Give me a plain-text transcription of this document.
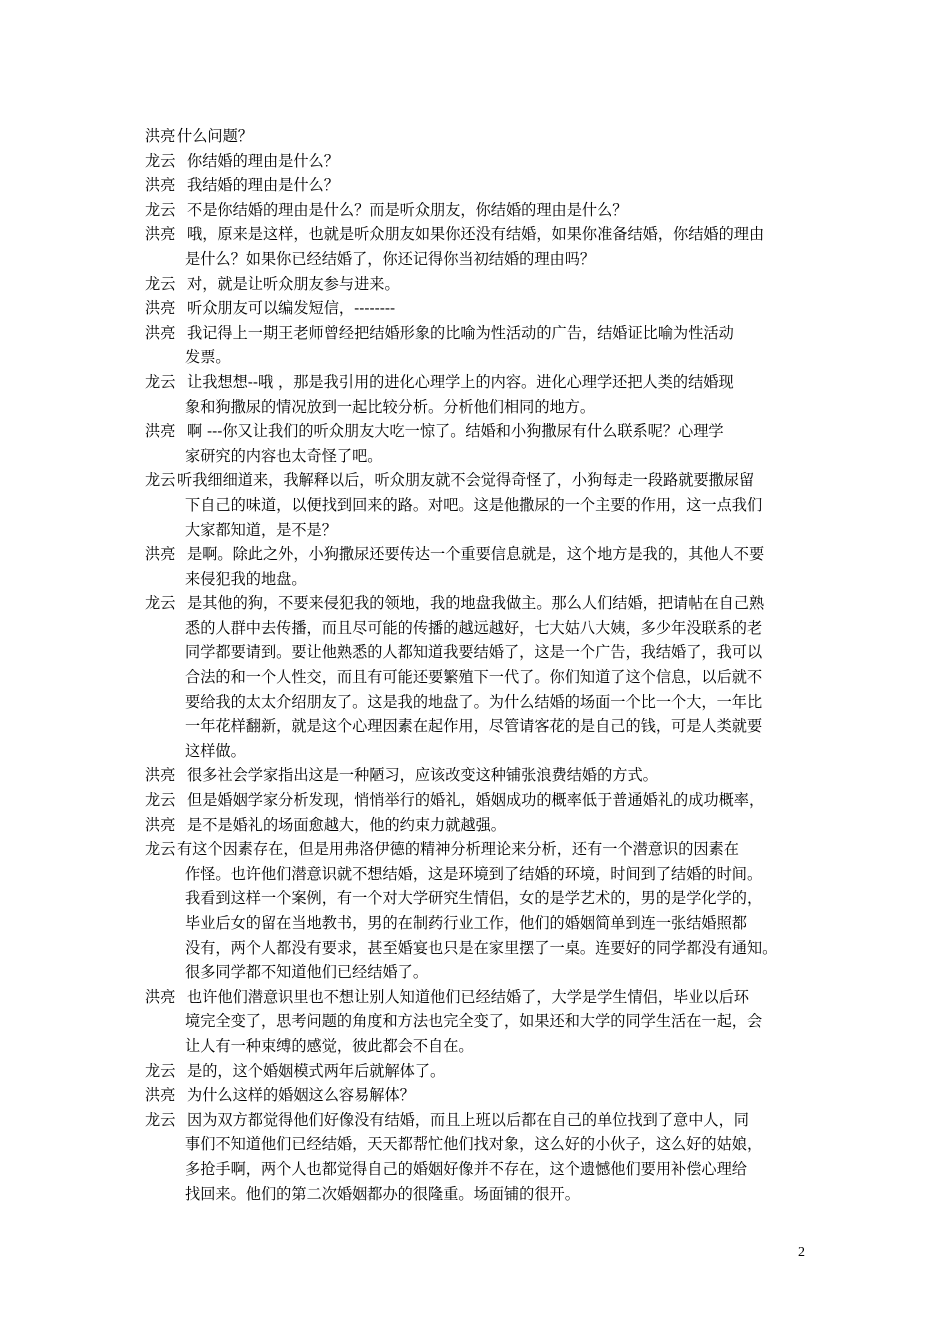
洪亮 什么问题？
龙云 你结婚的理由是什么？
洪亮 我结婚的理由是什么？
龙云 不是你结婚的理由是什么？而是听众朋友，你结婚的理由是什么？
洪亮 哦，原来是这样，也就是听众朋友如果你还没有结婚，如果你准备结婚，你结婚的理由
是什么？如果你已经结婚了，你还记得你当初结婚的理由吗？
龙云 对，就是让听众朋友参与进来。
洪亮 听众朋友可以编发短信，--------
洪亮 我记得上一期王老师曾经把结婚形象的比喻为性活动的广告，结婚证比喻为性活动
发票。
龙云 让我想想--哦 ，那是我引用的进化心理学上的内容。进化心理学还把人类的结婚现
象和狗撒尿的情况放到一起比较分析。分析他们相同的地方。
洪亮 啊 ---你又让我们的听众朋友大吃一惊了。结婚和小狗撒尿有什么联系呢？心理学
家研究的内容也太奇怪了吧。
龙云 听我细细道来，我解释以后，听众朋友就不会觉得奇怪了，小狗每走一段路就要撒尿留
下自己的味道，以便找到回来的路。对吧。这是他撒尿的一个主要的作用，这一点我们
大家都知道，是不是？
洪亮 是啊。除此之外，小狗撒尿还要传达一个重要信息就是，这个地方是我的，其他人不要
来侵犯我的地盘。
龙云 是其他的狗，不要来侵犯我的领地，我的地盘我做主。那么人们结婚，把请帖在自己熟
悉的人群中去传播，而且尽可能的传播的越远越好，七大姑八大姨，多少年没联系的老
同学都要请到。要让他熟悉的人都知道我要结婚了，这是一个广告，我结婚了，我可以
合法的和一个人性交，而且有可能还要繁殖下一代了。你们知道了这个信息，以后就不
要给我的太太介绍朋友了。这是我的地盘了。为什么结婚的场面一个比一个大，一年比
一年花样翻新，就是这个心理因素在起作用，尽管请客花的是自己的钱，可是人类就要
这样做。
洪亮 很多社会学家指出这是一种陋习，应该改变这种铺张浪费结婚的方式。
龙云 但是婚姻学家分析发现，悄悄举行的婚礼，婚姻成功的概率低于普通婚礼的成功概率，
洪亮 是不是婚礼的场面愈越大，他的约束力就越强。
龙云 有这个因素存在，但是用弗洛伊德的精神分析理论来分析，还有一个潜意识的因素在
作怪。也许他们潜意识就不想结婚，这是环境到了结婚的环境，时间到了结婚的时间。
我看到这样一个案例，有一个对大学研究生情侣，女的是学艺术的，男的是学化学的，
毕业后女的留在当地教书，男的在制药行业工作，他们的婚姻简单到连一张结婚照都
没有，两个人都没有要求，甚至婚宴也只是在家里摆了一桌。连要好的同学都没有通知。
很多同学都不知道他们已经结婚了。
洪亮 也许他们潜意识里也不想让别人知道他们已经结婚了，大学是学生情侣，毕业以后环
境完全变了，思考问题的角度和方法也完全变了，如果还和大学的同学生活在一起，会
让人有一种束缚的感觉，彼此都会不自在。
龙云 是的，这个婚姻模式两年后就解体了。
洪亮 为什么这样的婚姻这么容易解体？
龙云 因为双方都觉得他们好像没有结婚，而且上班以后都在自己的单位找到了意中人，同
事们不知道他们已经结婚，天天都帮忙他们找对象，这么好的小伙子，这么好的姑娘，
多抢手啊，两个人也都觉得自己的婚姻好像并不存在，这个遗憾他们要用补偿心理给
找回来。他们的第二次婚姻都办的很隆重。场面铺的很开。
2
